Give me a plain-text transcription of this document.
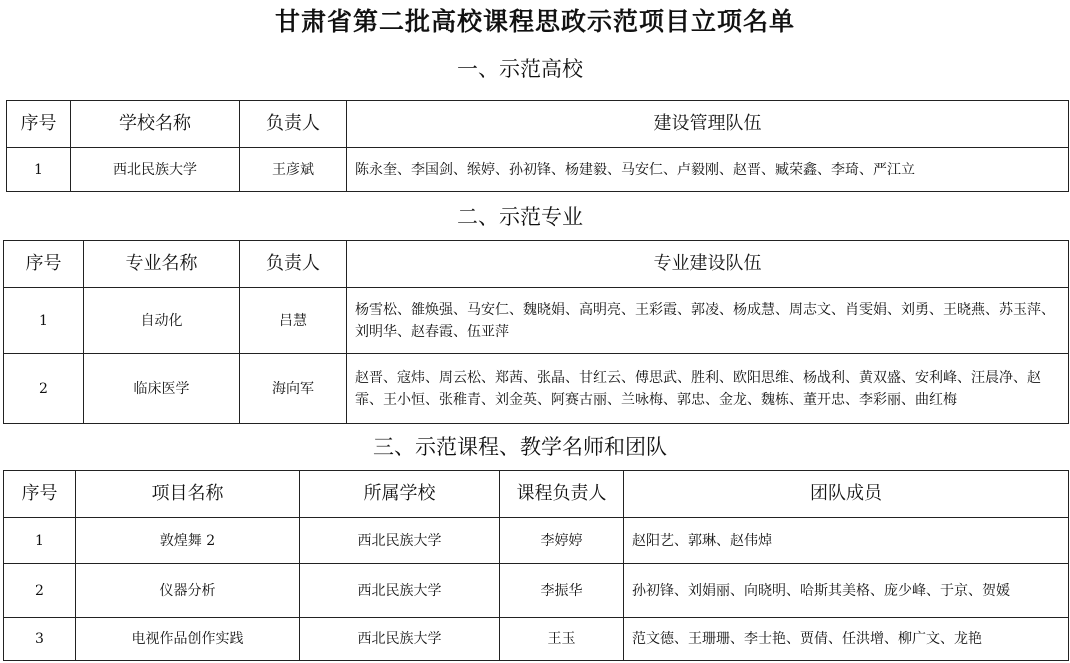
甘肃省第二批高校课程思政示范项目立项名单
一、示范高校
序号	学校名称	负责人	建设管理队伍
1	西北民族大学	王彦斌	陈永奎、李国剑、缑婷、孙初锋、杨建毅、马安仁、卢毅刚、赵晋、臧荣鑫、李琦、严江立
二、示范专业
序号	专业名称	负责人	专业建设队伍
1	自动化	吕慧	杨雪松、雒焕强、马安仁、魏晓娟、高明亮、王彩霞、郭凌、杨成慧、周志文、肖雯娟、刘勇、王晓燕、苏玉萍、刘明华、赵春霞、伍亚萍
2	临床医学	海向军	赵晋、寇炜、周云松、郑茜、张晶、甘红云、傅思武、胜利、欧阳思维、杨战利、黄双盛、安利峰、汪晨净、赵霏、王小恒、张稚青、刘金英、阿赛古丽、兰咏梅、郭忠、金龙、魏栋、董开忠、李彩丽、曲红梅
三、示范课程、教学名师和团队
序号	项目名称	所属学校	课程负责人	团队成员
1	敦煌舞 2	西北民族大学	李婷婷	赵阳艺、郭琳、赵伟焯
2	仪器分析	西北民族大学	李振华	孙初锋、刘娟丽、向晓明、哈斯其美格、庞少峰、于京、贺媛
3	电视作品创作实践	西北民族大学	王玉	范文德、王珊珊、李士艳、贾倩、任洪增、柳广文、龙艳
